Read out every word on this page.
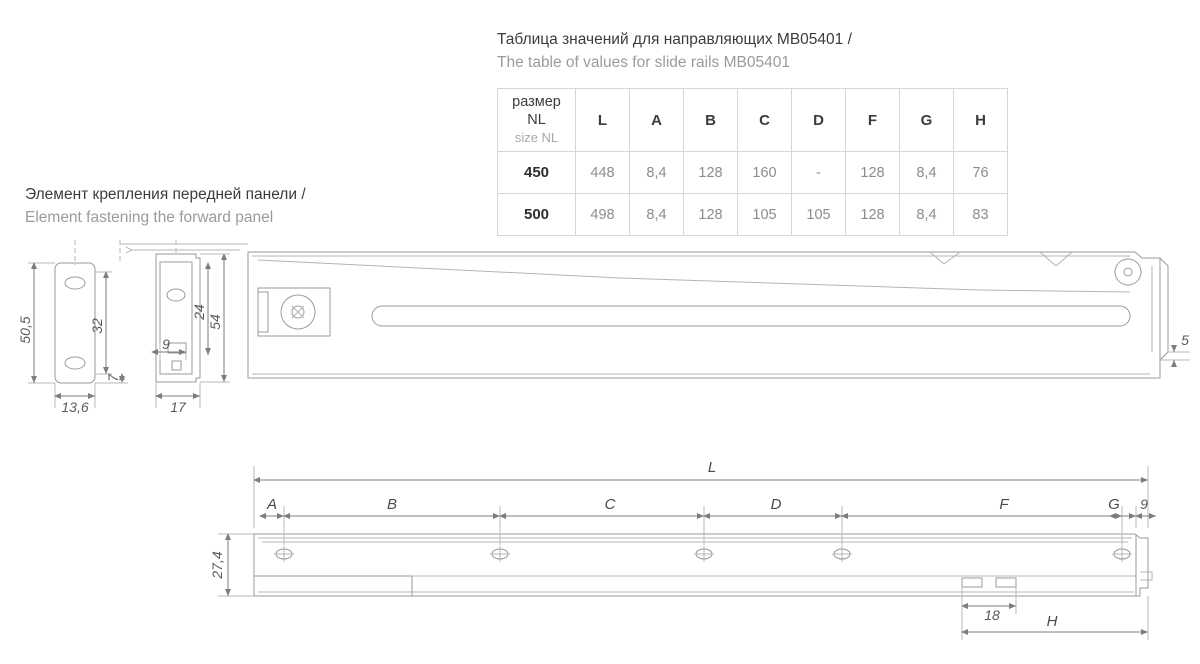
Таблица значений для направляющих MB05401 /
The table of values for slide rails MB05401
размер
NL
size NL	L	A	B	C	D	F	G	H
450	448	8,4	128	160	-	128	8,4	76
500	498	8,4	128	105	105	128	8,4	83
Элемент крепления передней панели /
Element fastening the forward panel
50,5	32
7
9
24
54
13,6	17
5
L
A	B	C	D	F	G 9
27,4
18	H
